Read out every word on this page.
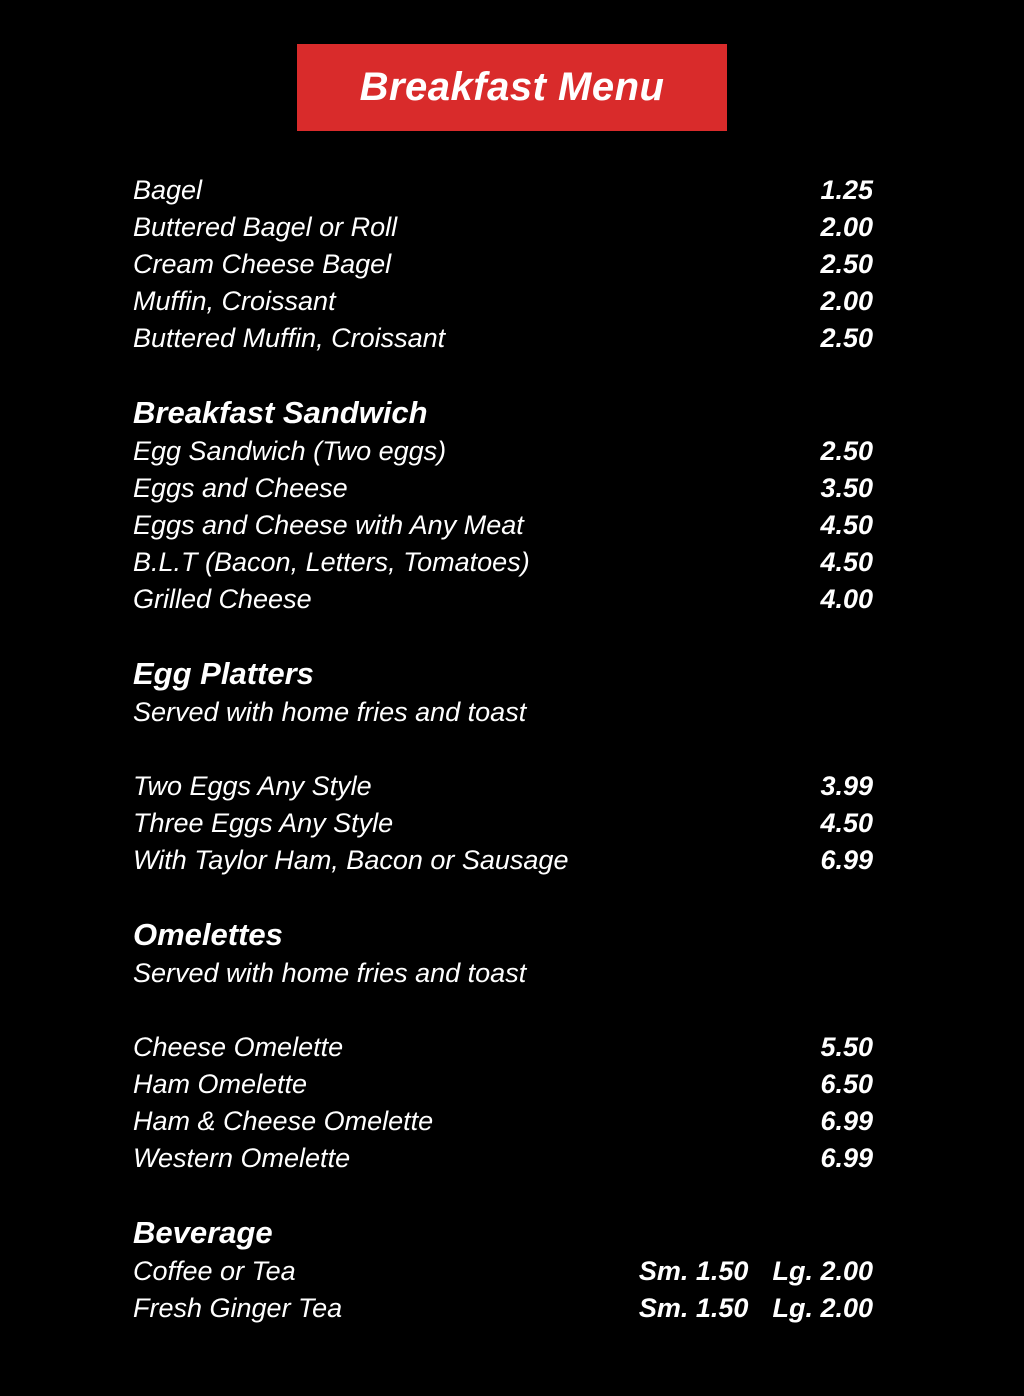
Breakfast Menu
Bagel	1.25
Buttered Bagel or Roll	2.00
Cream Cheese Bagel	2.50
Muffin, Croissant	2.00
Buttered Muffin, Croissant	2.50
Breakfast Sandwich
Egg Sandwich (Two eggs)	2.50
Eggs and Cheese	3.50
Eggs and Cheese with Any Meat	4.50
B.L.T (Bacon, Letters, Tomatoes)	4.50
Grilled Cheese	4.00
Egg Platters
Served with home fries and toast
Two Eggs Any Style	3.99
Three Eggs Any Style	4.50
With Taylor Ham, Bacon or Sausage	6.99
Omelettes
Served with home fries and toast
Cheese Omelette	5.50
Ham Omelette	6.50
Ham & Cheese Omelette	6.99
Western Omelette	6.99
Beverage
Coffee or Tea	Sm. 1.50 Lg. 2.00
Fresh Ginger Tea	Sm. 1.50 Lg. 2.00
